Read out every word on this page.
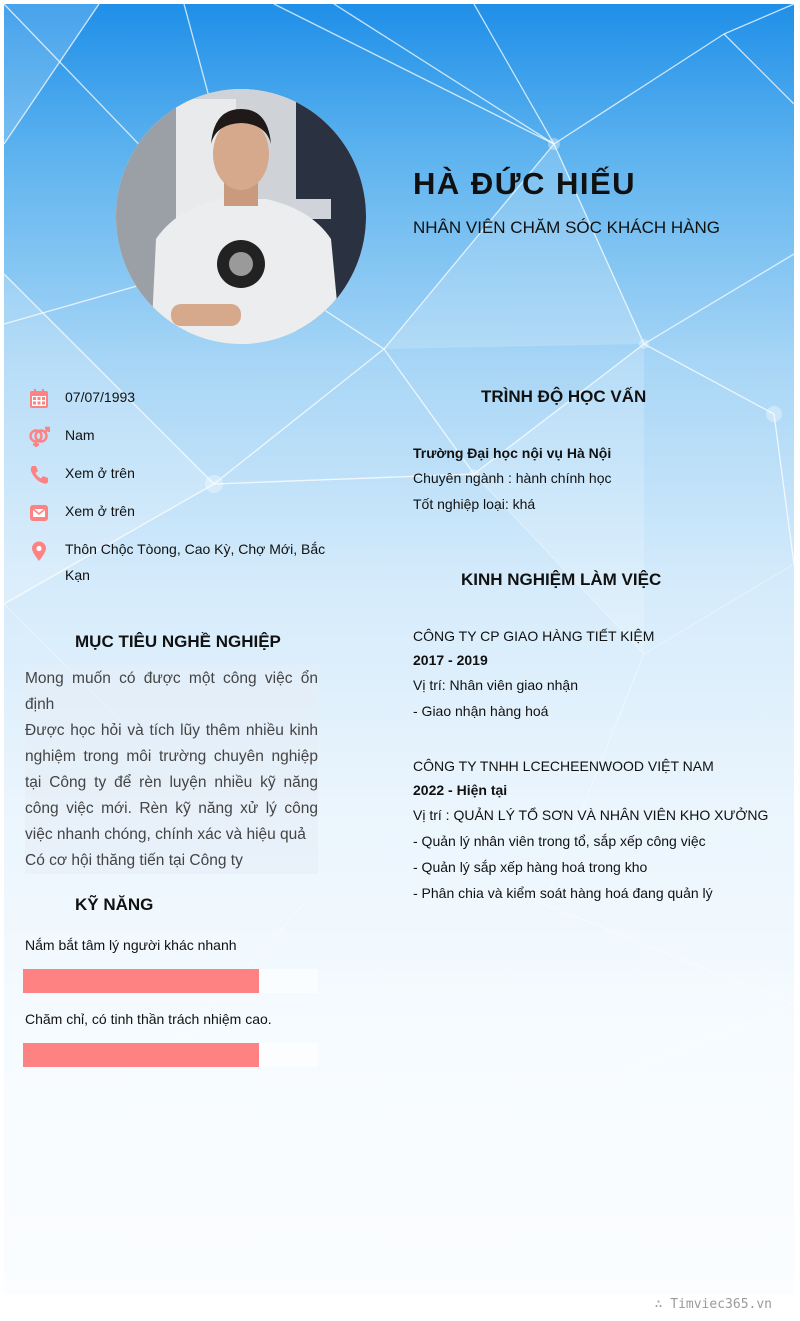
HÀ ĐỨC HIẾU
NHÂN VIÊN CHĂM SÓC KHÁCH HÀNG
07/07/1993
Nam
Xem ở trên
Xem ở trên
Thôn Chộc Tòong, Cao Kỳ, Chợ Mới, Bắc Kạn
MỤC TIÊU NGHỀ NGHIỆP

Mong muốn có được một công việc ổn định

Được học hỏi và tích lũy thêm nhiều kinh nghiệm trong môi trường chuyên nghiệp tại Công ty để rèn luyện nhiều kỹ năng công việc mới. Rèn kỹ năng xử lý công việc nhanh chóng, chính xác và hiệu quả

Có cơ hội thăng tiến tại Công ty

KỸ NĂNG
Nắm bắt tâm lý người khác nhanh
Chăm chỉ, có tinh thần trách nhiệm cao.
TRÌNH ĐỘ HỌC VẤN
Trường Đại học nội vụ Hà Nội
Chuyên ngành : hành chính học
Tốt nghiệp loại: khá
KINH NGHIỆM LÀM VIỆC
CÔNG TY CP GIAO HÀNG TIẾT KIỆM
2017 - 2019
Vị trí: Nhân viên giao nhận
- Giao nhận hàng hoá
CÔNG TY TNHH LCECHEENWOOD VIỆT NAM
2022 - Hiện tại
Vị trí : QUẢN LÝ TỔ SƠN VÀ NHÂN VIÊN KHO XƯỞNG
- Quản lý nhân viên trong tổ, sắp xếp công việc
- Quản lý sắp xếp hàng hoá trong kho
- Phân chia và kiểm soát hàng hoá đang quản lý
∴ Timviec365.vn
